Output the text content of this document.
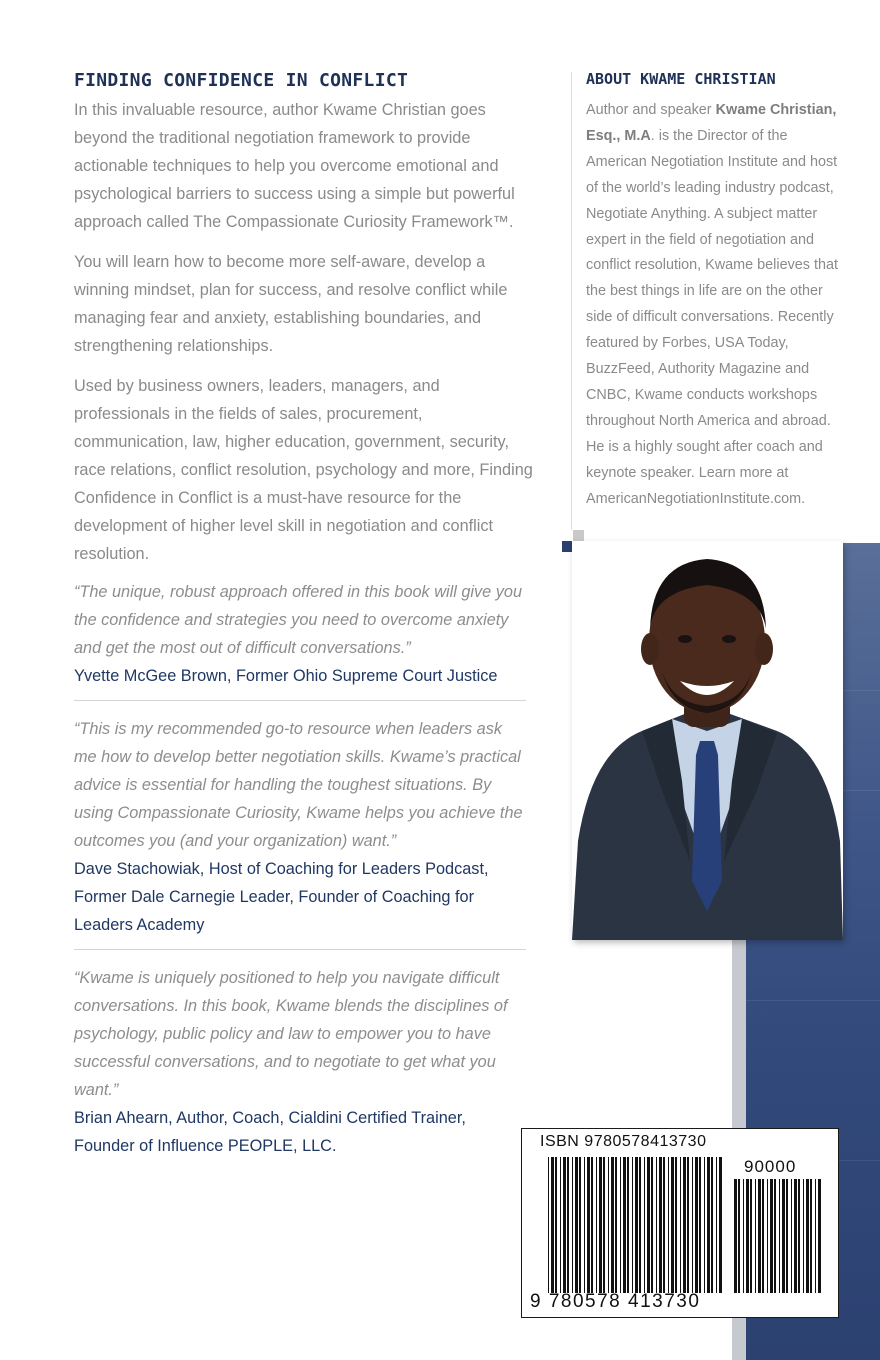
FINDING CONFIDENCE IN CONFLICT

In this invaluable resource, author Kwame Christian goes beyond the traditional negotiation framework to provide actionable techniques to help you overcome emotional and psychological barriers to success using a simple but powerful approach called The Compassionate Curiosity Framework™.

You will learn how to become more self-aware, develop a winning mindset, plan for success, and resolve conflict while managing fear and anxiety, establishing boundaries, and strengthening relationships.

Used by business owners, leaders, managers, and professionals in the fields of sales, procurement, communication, law, higher education, government, security, race relations, conflict resolution, psychology and more, Finding Confidence in Conflict is a must-have resource for the development of higher level skill in negotiation and conflict resolution.

“The unique, robust approach offered in this book will give you the confidence and strategies you need to overcome anxiety and get the most out of difficult conversations.”

Yvette McGee Brown, Former Ohio Supreme Court Justice

“This is my recommended go-to resource when leaders ask me how to develop better negotiation skills. Kwame’s practical advice is essential for handling the toughest situations. By using Compassionate Curiosity, Kwame helps you achieve the outcomes you (and your organization) want.”

Dave Stachowiak, Host of Coaching for Leaders Podcast, Former Dale Carnegie Leader, Founder of Coaching for Leaders Academy

“Kwame is uniquely positioned to help you navigate difficult conversations. In this book, Kwame blends the disciplines of psychology, public policy and law to empower you to have successful conversations, and to negotiate to get what you want.”

Brian Ahearn, Author, Coach, Cialdini Certified Trainer, Founder of Influence PEOPLE, LLC.

ABOUT KWAME CHRISTIAN
Author and speaker Kwame Christian, Esq., M.A. is the Director of the American Negotiation Institute and host of the world’s leading industry podcast, Negotiate Anything. A subject matter expert in the field of negotiation and conflict resolution, Kwame believes that the best things in life are on the other side of difficult conversations. Recently featured by Forbes, USA Today, BuzzFeed, Authority Magazine and CNBC, Kwame conducts workshops throughout North America and abroad. He is a highly sought after coach and keynote speaker. Learn more at AmericanNegotiationInstitute.com.
ISBN 9780578413730
90000
9 780578 413730
